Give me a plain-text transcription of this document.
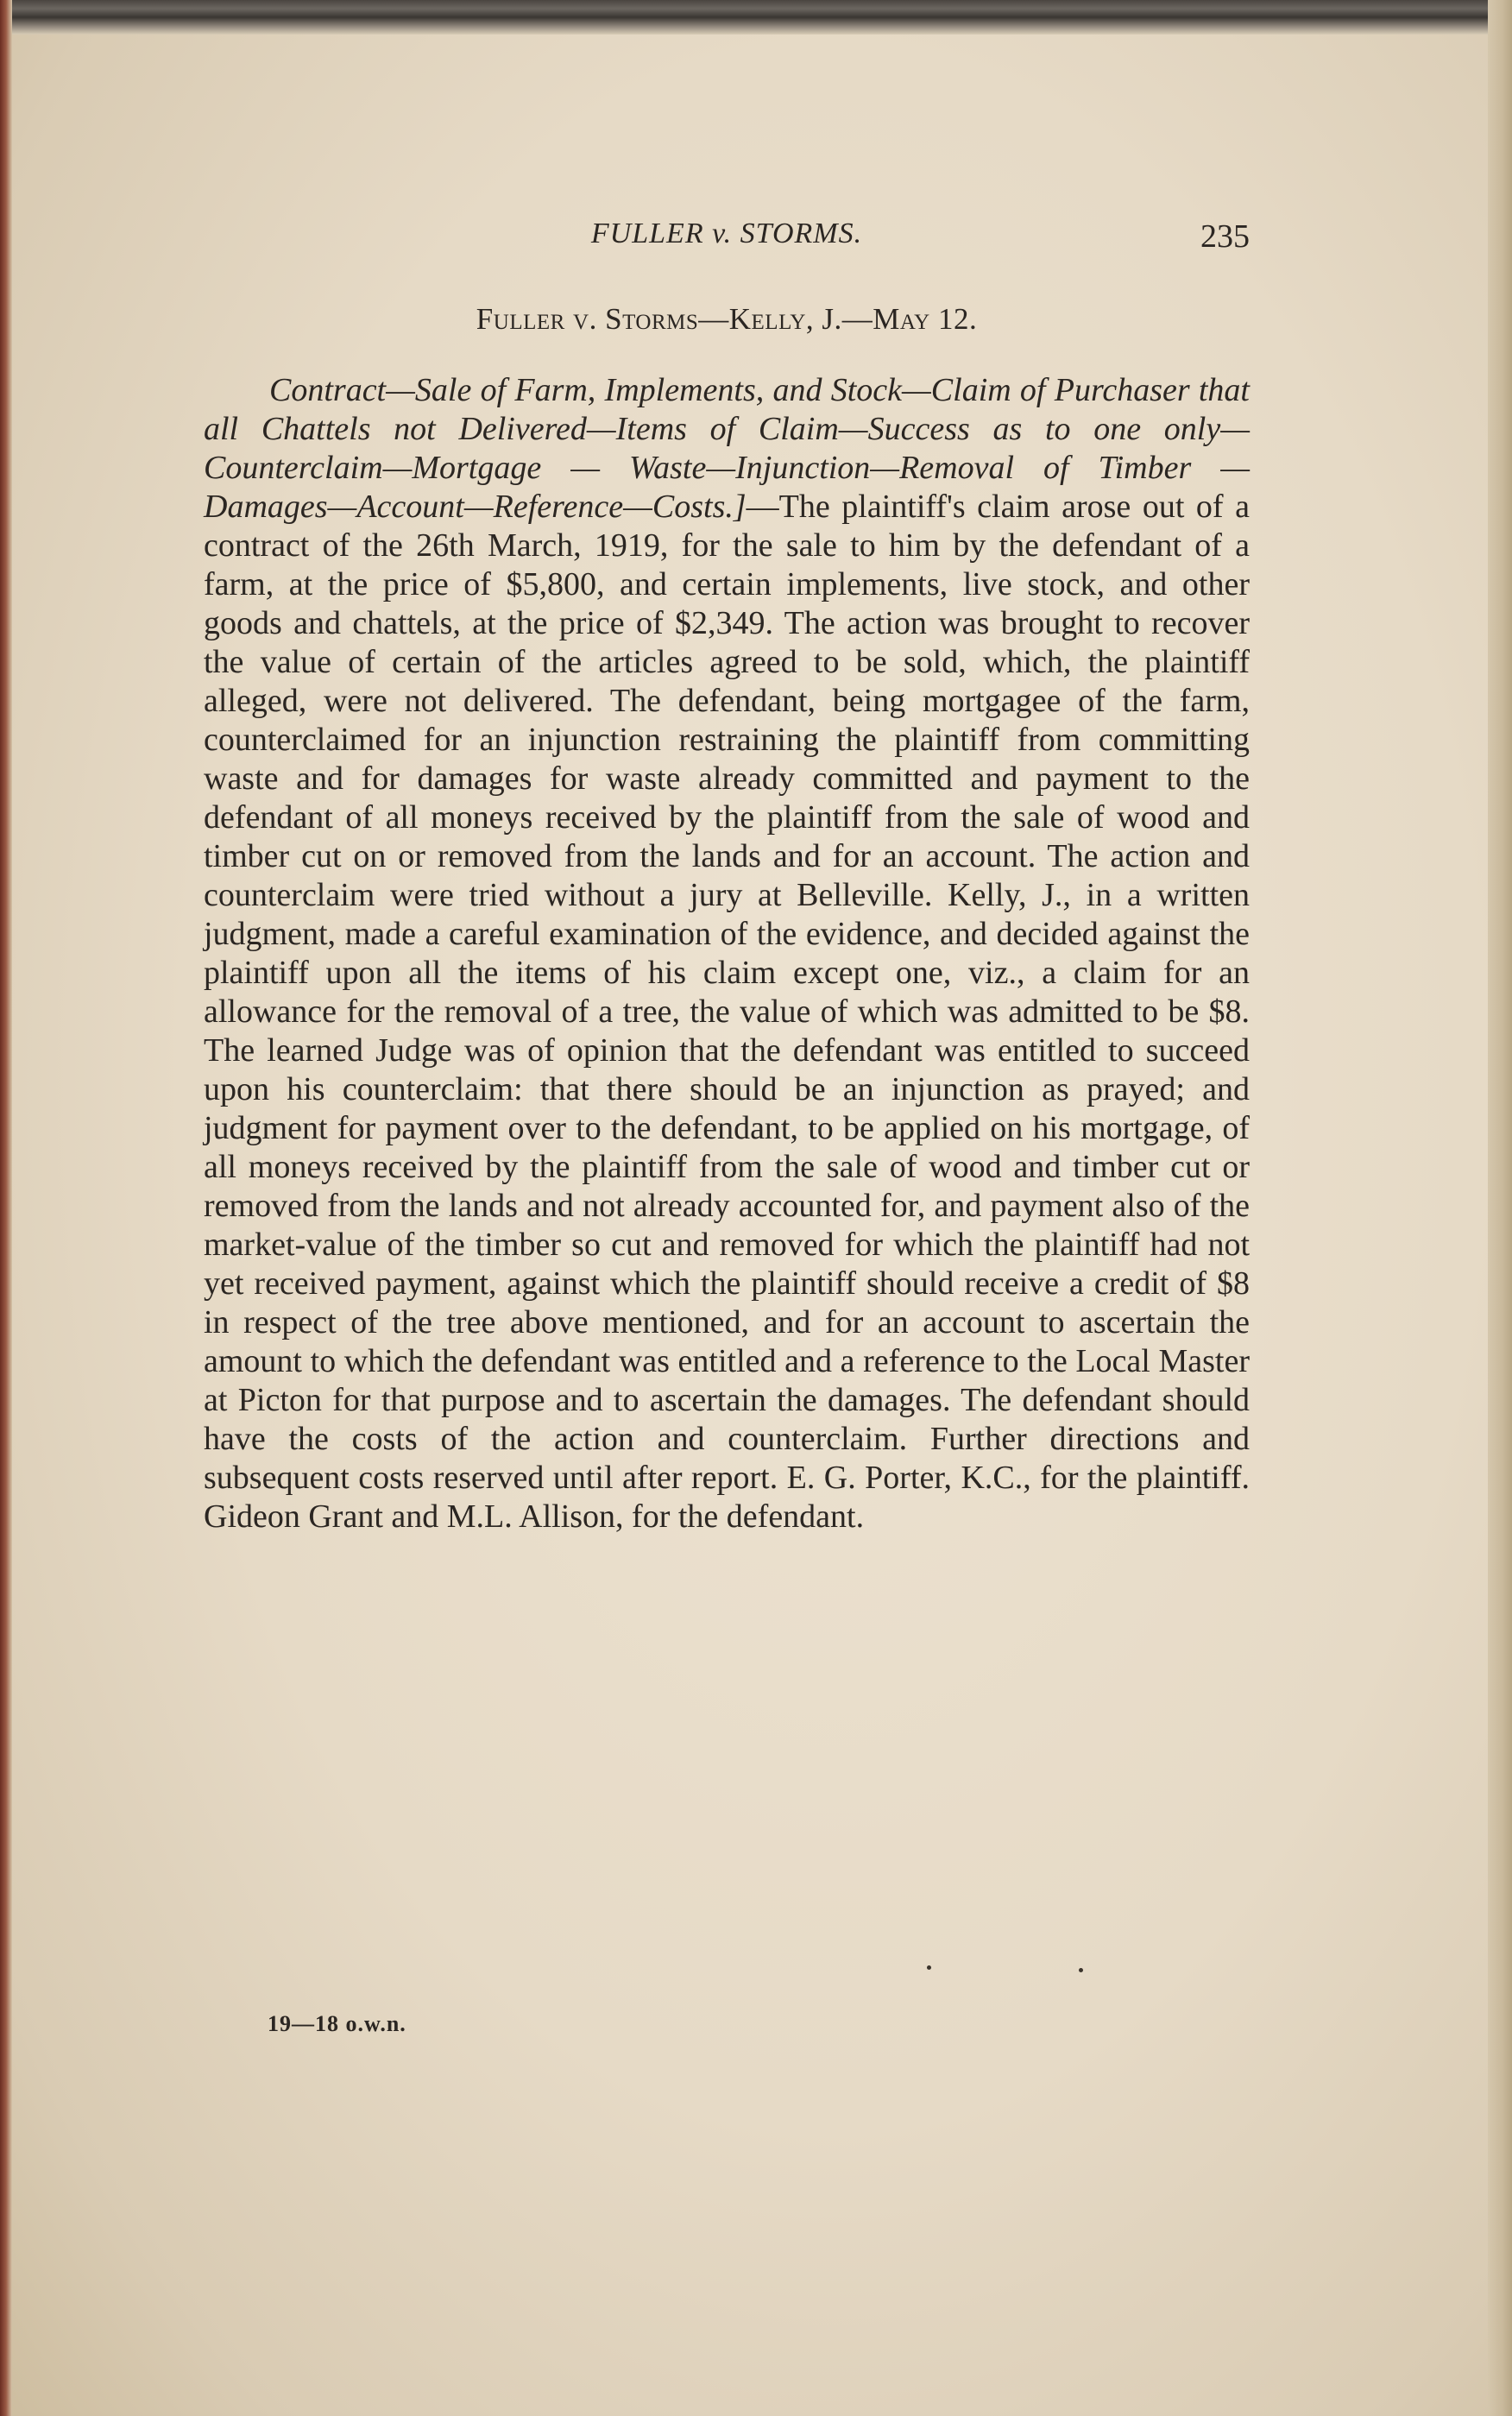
FULLER v. STORMS.	235
Fuller v. Storms—Kelly, J.—May 12.
Contract—Sale of Farm, Implements, and Stock—Claim of Purchaser that all Chattels not Delivered—Items of Claim—Success as to one only—Counterclaim—Mortgage — Waste—Injunction—Removal of Timber — Damages—Account—Reference—Costs.]—The plaintiff's claim arose out of a contract of the 26th March, 1919, for the sale to him by the defendant of a farm, at the price of $5,800, and certain implements, live stock, and other goods and chattels, at the price of $2,349. The action was brought to recover the value of certain of the articles agreed to be sold, which, the plaintiff alleged, were not delivered. The defendant, being mortgagee of the farm, counterclaimed for an injunction restraining the plaintiff from committing waste and for damages for waste already committed and payment to the defendant of all moneys received by the plaintiff from the sale of wood and timber cut on or removed from the lands and for an account. The action and counterclaim were tried without a jury at Belleville. Kelly, J., in a written judgment, made a careful examination of the evidence, and decided against the plaintiff upon all the items of his claim except one, viz., a claim for an allowance for the removal of a tree, the value of which was admitted to be $8. The learned Judge was of opinion that the defendant was entitled to succeed upon his counterclaim: that there should be an injunction as prayed; and judgment for payment over to the defendant, to be applied on his mortgage, of all moneys received by the plaintiff from the sale of wood and timber cut or removed from the lands and not already accounted for, and payment also of the market-value of the timber so cut and removed for which the plaintiff had not yet received payment, against which the plaintiff should receive a credit of $8 in respect of the tree above mentioned, and for an account to ascertain the amount to which the defendant was entitled and a reference to the Local Master at Picton for that purpose and to ascertain the damages. The defendant should have the costs of the action and counterclaim. Further directions and subsequent costs reserved until after report. E. G. Porter, K.C., for the plaintiff. Gideon Grant and M.L. Allison, for the defendant.
19—18 o.w.n.
